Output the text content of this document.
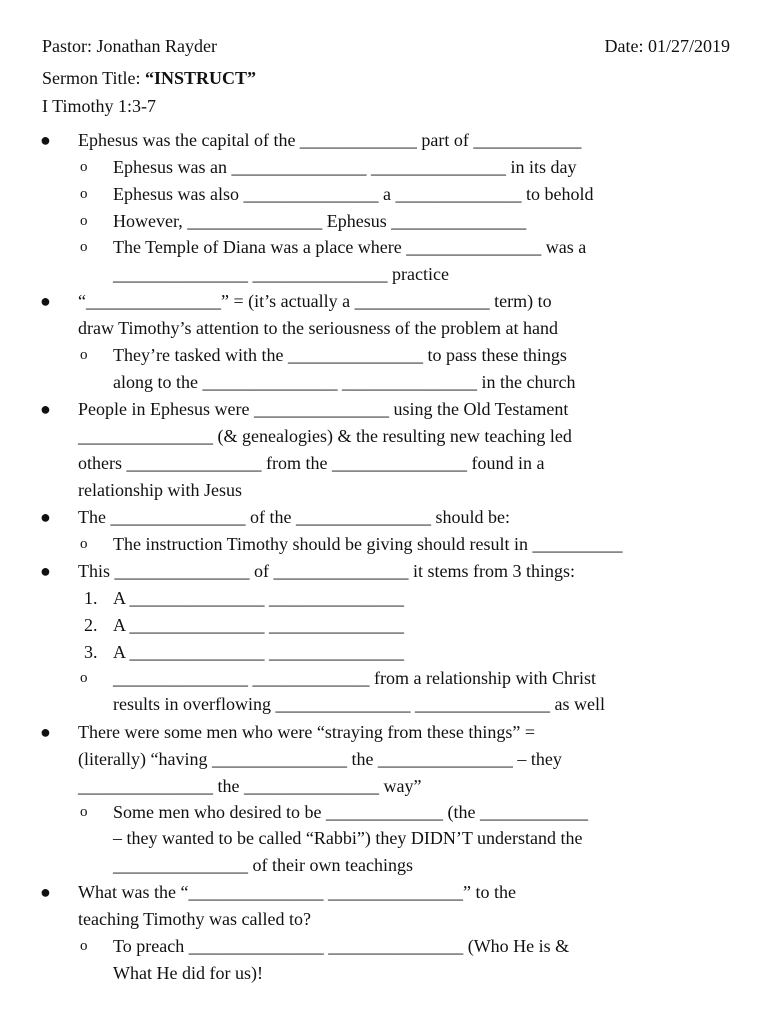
Pastor: Jonathan Rayder	Date: 01/27/2019
Sermon Title: “INSTRUCT”
I Timothy 1:3-7
● Ephesus was the capital of the _____________ part of ____________
o Ephesus was an _______________ _______________ in its day
o Ephesus was also _______________ a ______________ to behold
o However, _______________ Ephesus _______________
o The Temple of Diana was a place where _______________ was a
_______________ _______________ practice
● “_______________” = (it’s actually a _______________ term) to
draw Timothy’s attention to the seriousness of the problem at hand
o They’re tasked with the _______________ to pass these things
along to the _______________ _______________ in the church
● People in Ephesus were _______________ using the Old Testament
_______________ (& genealogies) & the resulting new teaching led
others _______________ from the _______________ found in a
relationship with Jesus
● The _______________ of the _______________ should be:
o The instruction Timothy should be giving should result in __________
● This _______________ of _______________ it stems from 3 things:
1. A _______________ _______________
2. A _______________ _______________
3. A _______________ _______________
o _______________ _____________ from a relationship with Christ
results in overflowing _______________ _______________ as well
● There were some men who were “straying from these things” =
(literally) “having _______________ the _______________ – they
_______________ the _______________ way”
o Some men who desired to be _____________ (the ____________
– they wanted to be called “Rabbi”) they DIDN’T understand the
_______________ of their own teachings
● What was the “_______________ _______________” to the
teaching Timothy was called to?
o To preach _______________ _______________ (Who He is &
What He did for us)!
